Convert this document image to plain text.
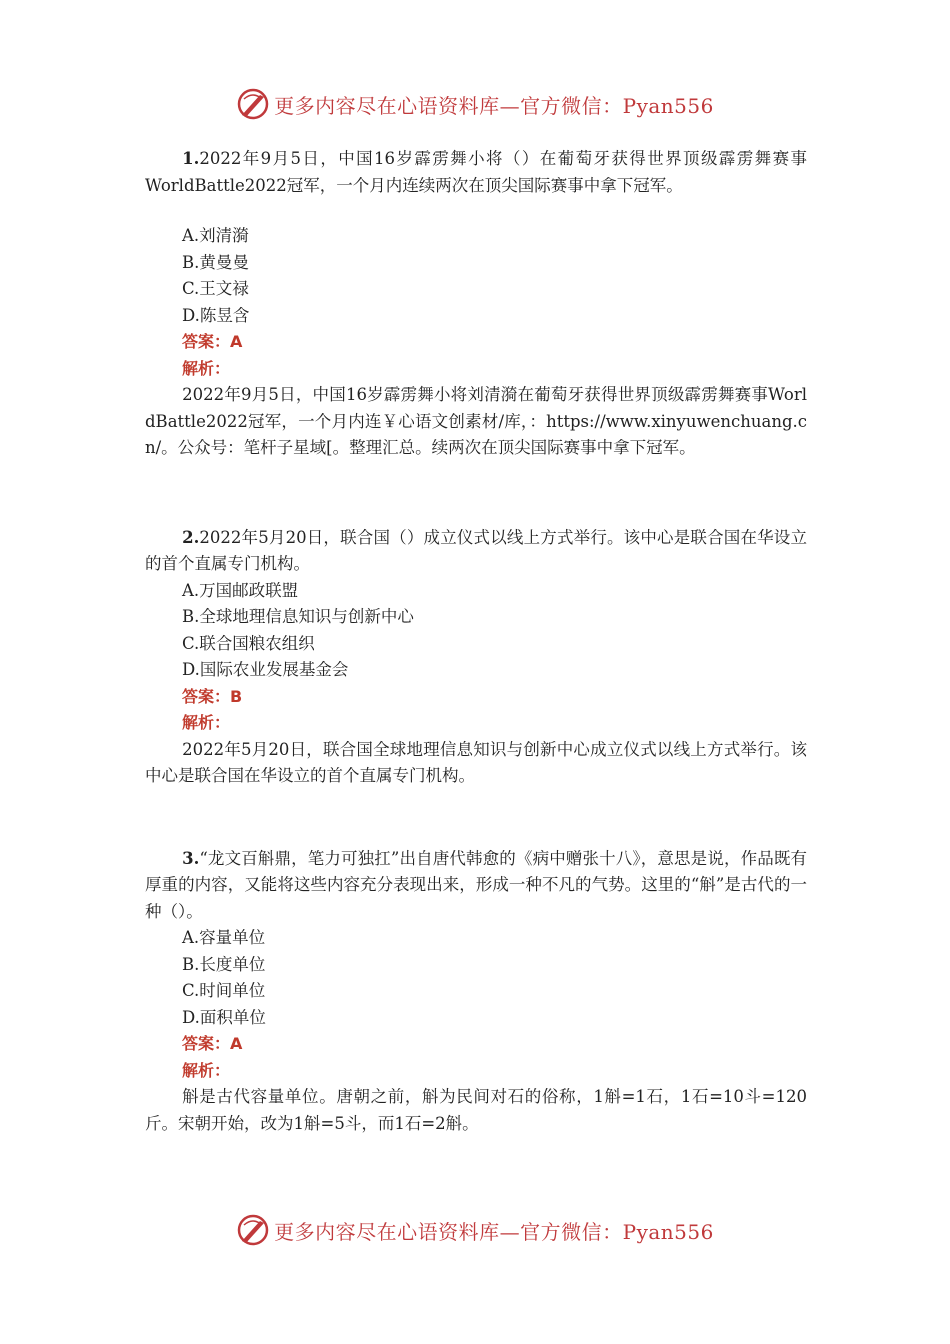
更多内容尽在心语资料库—官方微信：Pyan556

1.2022年9月5日，中国16岁霹雳舞小将（）在葡萄牙获得世界顶级霹雳舞赛事WorldBattle2022冠军，一个月内连续两次在顶尖国际赛事中拿下冠军。

A.刘清漪

B.黄曼曼

C.王文禄

D.陈昱含

答案：A

解析：

2022年9月5日，中国16岁霹雳舞小将刘清漪在葡萄牙获得世界顶级霹雳舞赛事WorldBattle2022冠军，一个月内连￥心语文创素材/库，：https://www.xinyuwenchuang.cn/。公众号：笔杆子星域[。整理汇总。续两次在顶尖国际赛事中拿下冠军。

2.2022年5月20日，联合国（）成立仪式以线上方式举行。该中心是联合国在华设立的首个直属专门机构。

A.万国邮政联盟

B.全球地理信息知识与创新中心

C.联合国粮农组织

D.国际农业发展基金会

答案：B

解析：

2022年5月20日，联合国全球地理信息知识与创新中心成立仪式以线上方式举行。该中心是联合国在华设立的首个直属专门机构。

3.“龙文百斛鼎，笔力可独扛”出自唐代韩愈的《病中赠张十八》，意思是说，作品既有厚重的内容，又能将这些内容充分表现出来，形成一种不凡的气势。这里的“斛”是古代的一种（）。

A.容量单位

B.长度单位

C.时间单位

D.面积单位

答案：A

解析：

斛是古代容量单位。唐朝之前，斛为民间对石的俗称，1斛=1石，1石=10斗=120斤。宋朝开始，改为1斛=5斗，而1石=2斛。

更多内容尽在心语资料库—官方微信：Pyan556
